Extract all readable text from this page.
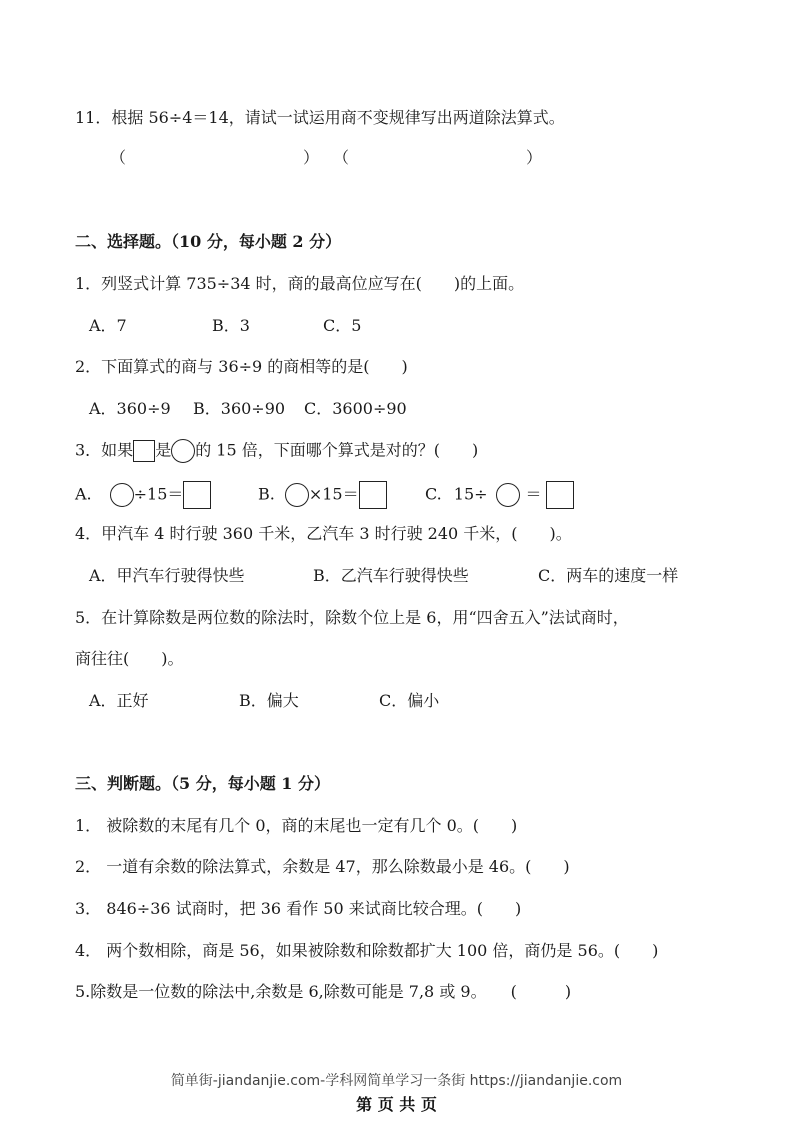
11．根据 56÷4＝14，请试一试运用商不变规律写出两道除法算式。
（	） （	）
二、选择题。（10 分，每小题 2 分）
1．列竖式计算 735÷34 时，商的最高位应写在(　　)的上面。
A．7	B．3	C．5
2．下面算式的商与 36÷9 的商相等的是(　　)
A．360÷9 B．360÷90 C．3600÷90
3．如果 是 的 15 倍，下面哪个算式是对的？(　　)
A.	÷15＝	B. ×15＝	C. 15÷ ＝
4．甲汽车 4 时行驶 360 千米，乙汽车 3 时行驶 240 千米，(　　)。
A．甲汽车行驶得快些	B．乙汽车行驶得快些	C．两车的速度一样
5．在计算除数是两位数的除法时，除数个位上是 6，用“四舍五入”法试商时，
商往往(　　)。
A．正好	B．偏大	C．偏小
三、判断题。（5 分，每小题 1 分）
1． 被除数的末尾有几个 0，商的末尾也一定有几个 0。(　　)
2． 一道有余数的除法算式，余数是 47，那么除数最小是 46。(　　)
3． 846÷36 试商时，把 36 看作 50 来试商比较合理。(　　)
4． 两个数相除，商是 56，如果被除数和除数都扩大 100 倍，商仍是 56。(　　)
5.除数是一位数的除法中,余数是 6,除数可能是 7,8 或 9。　　(　　　)
简单街-jiandanjie.com-学科网简单学习一条街 https://jiandanjie.com
第 页 共 页
